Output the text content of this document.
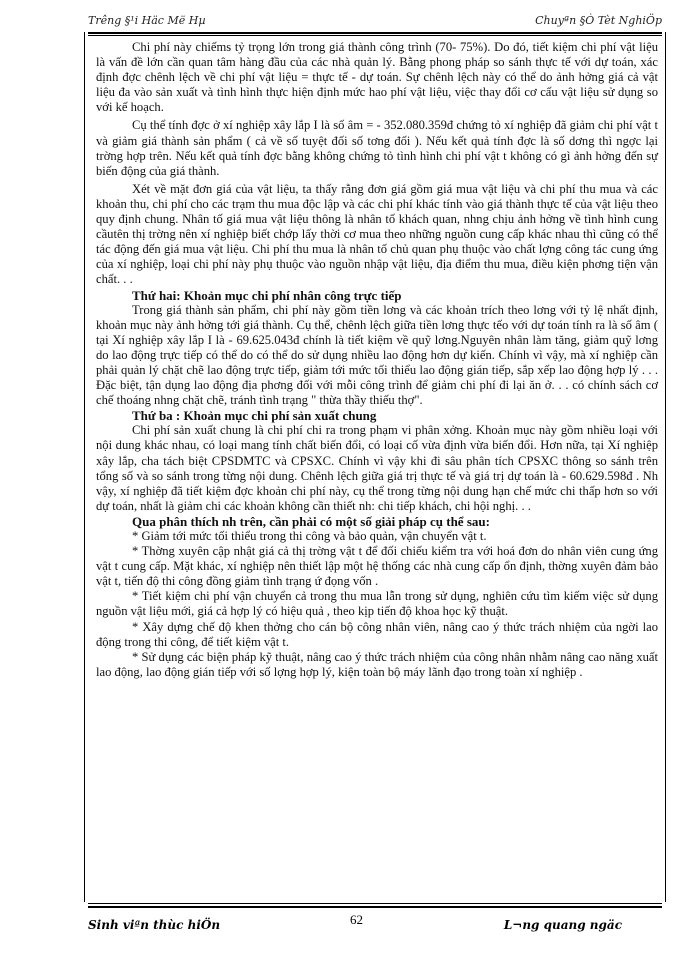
Trêng §¹i Häc Më Hµ	Chuyªn §Ò Tèt NghiÖp

Chi phí này chiếms tỷ trọng lớn trong giá thành công trình (70- 75%). Do đó, tiết kiệm chi phí vật liệu là vấn đề lớn cần quan tâm hàng đầu của các nhà quản lý. Bằng phong pháp so sánh thực tế với dự toán, xác định đợc chênh lệch về chi phí vật liệu = thực tế - dự toán. Sự chênh lệch này có thể do ảnh hởng giá cả vật liệu đa vào sản xuất và tình hình thực hiện định mức hao phí vật liệu, việc thay đổi cơ cấu vật liệu sử dụng so với kế hoạch.

Cụ thể tính đợc ở xí nghiệp xây lắp I là số âm = - 352.080.359đ chứng tỏ xí nghiệp đã giảm chi phí vật t và giảm giá thành sản phẩm ( cả về số tuyệt đối số tơng đối ). Nếu kết quả tính đợc là số dơng thì ngợc lại trờng hợp trên. Nếu kết quả tính đợc bằng không chứng tỏ tình hình chi phí vật t không có gì ảnh hởng đến sự biến động của giá thành.

Xét về mặt đơn giá của vật liệu, ta thấy rằng đơn giá gồm giá mua vật liệu và chi phí thu mua và các khoản thu, chi phí cho các trạm thu mua độc lập và các chi phí khác tính vào giá thành thực tế của vật liệu theo quy định chung. Nhân tố giá mua vật liệu thông là nhân tố khách quan, nhng chịu ảnh hởng về tình hình cung cầutên thị trờng nên xí nghiệp biết chớp lấy thời cơ mua theo những nguồn cung cấp khác nhau thì cũng có thể tác động đến giá mua vật liệu. Chi phí thu mua là nhân tố chủ quan phụ thuộc vào chất lợng công tác cung ứng của xí nghiệp, loại chi phí này phụ thuộc vào nguồn nhập vật liệu, địa điểm thu mua, điều kiện phơng tiện vận chất. . .

Thứ hai: Khoản mục chi phí nhân công trực tiếp

Trong giá thành sản phẩm, chi phí này gồm tiền lơng và các khoản trích theo lơng với tỷ lệ nhất định, khoản mục này ảnh hởng tới giá thành. Cụ thể, chênh lệch giữa tiền lơng thực tếo với dự toán tính ra là số âm ( tại Xí nghiệp xây lắp I là - 69.625.043đ chính là tiết kiệm về quỹ lơng.Nguyên nhân làm tăng, giảm quỹ lơng do lao động trực tiếp có thể do có thể do sử dụng nhiều lao động hơn dự kiến. Chính vì vậy, mà xí nghiệp cần phải quản lý chặt chẽ lao động trực tiếp, giảm tới mức tối thiểu lao động gián tiếp, sắp xếp lao động hợp lý . . . Đặc biệt, tận dụng lao động địa phơng đối với mỗi công trình để giảm chi phí đi lại ăn ở. . . có chính sách cơ chế thoáng nhng chặt chẽ, tránh tình trạng " thừa thầy thiếu thợ".

Thứ ba : Khoản mục chi phí sản xuất chung

Chi phí sản xuất chung là chi phí chi ra trong phạm vi phân xởng. Khoản mục này gồm nhiều loại với nội dung khác nhau, có loại mang tính chất biến đổi, có loại cố vừa định vừa biến đổi. Hơn nữa, tại Xí nghiệp xây lắp, cha tách biệt CPSDMTC và CPSXC. Chính vì vậy khi đi sâu phân tích CPSXC thông so sánh trên tổng số và so sánh trong từng nội dung. Chênh lệch giữa giá trị thực tế và giá trị dự toán là - 60.629.598đ . Nh vậy, xí nghiệp đã tiết kiệm đợc khoản chi phí này, cụ thể trong từng nội dung hạn chế mức chi thấp hơn so với dự toán, nhất là giảm chi các khoản không cần thiết nh: chi tiếp khách, chi hội nghị. . .

Qua phân thích nh trên, cần phải có một số giải pháp cụ thể sau:

* Giảm tới mức tối thiểu trong thi công và bảo quản, vận chuyển vật t.

* Thờng xuyên cập nhật giá cả thị trờng vật t để đối chiếu kiểm tra với hoá đơn do nhân viên cung ứng vật t cung cấp. Mặt khác, xí nghiệp nên thiết lập một hệ thống các nhà cung cấp ổn định, thờng xuyên đảm bảo vật t, tiến độ thi công đồng giảm tình trạng ứ đọng vốn .

* Tiết kiệm chi phí vận chuyển cả trong thu mua lẫn trong sử dụng, nghiên cứu tìm kiếm việc sử dụng nguồn vật liệu mới, giá cả hợp lý có hiệu quả , theo kịp tiến độ khoa học kỹ thuật.

* Xây dựng chế độ khen thởng cho cán bộ công nhân viên, nâng cao ý thức trách nhiệm của ngời lao động trong thi công, để tiết kiệm vật t.

* Sử dụng các biện pháp kỹ thuật, nâng cao ý thức trách nhiệm của công nhân nhằm nâng cao năng xuất lao động, lao động gián tiếp với số lợng hợp lý, kiện toàn bộ máy lãnh đạo trong toàn xí nghiệp .

Sinh viªn thùc hiÖn	62	L¬ng quang ngäc
